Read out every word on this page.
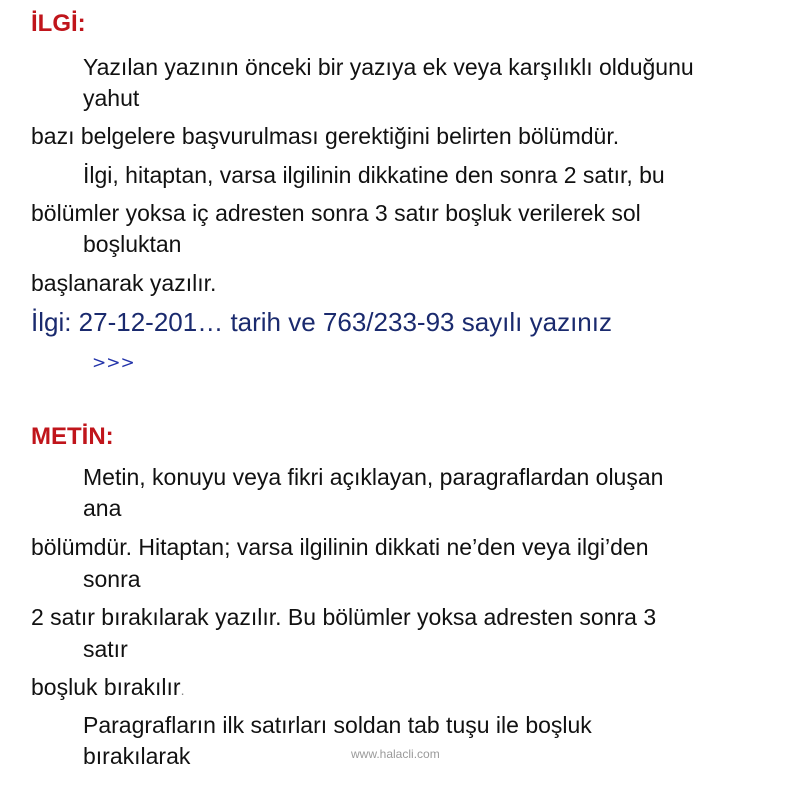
İLGİ:

Yazılan yazının önceki bir yazıya ek veya karşılıklı olduğunu

yahut

bazı belgelere başvurulması gerektiğini belirten bölümdür.

İlgi, hitaptan, varsa ilgilinin dikkatine den sonra 2 satır, bu

bölümler yoksa iç adresten sonra 3 satır boşluk verilerek sol

boşluktan

başlanarak yazılır.

İlgi: 27-12-201… tarih ve 763/233-93 sayılı yazınız

>>>

METİN:

Metin, konuyu veya fikri açıklayan, paragraflardan oluşan

ana

bölümdür. Hitaptan; varsa ilgilinin dikkati ne’den veya ilgi’den

sonra

2 satır bırakılarak yazılır. Bu bölümler yoksa adresten sonra 3

satır

boşluk bırakılır.

Paragrafların ilk satırları soldan tab tuşu ile boşluk

bırakılarak	www.halacli.com
